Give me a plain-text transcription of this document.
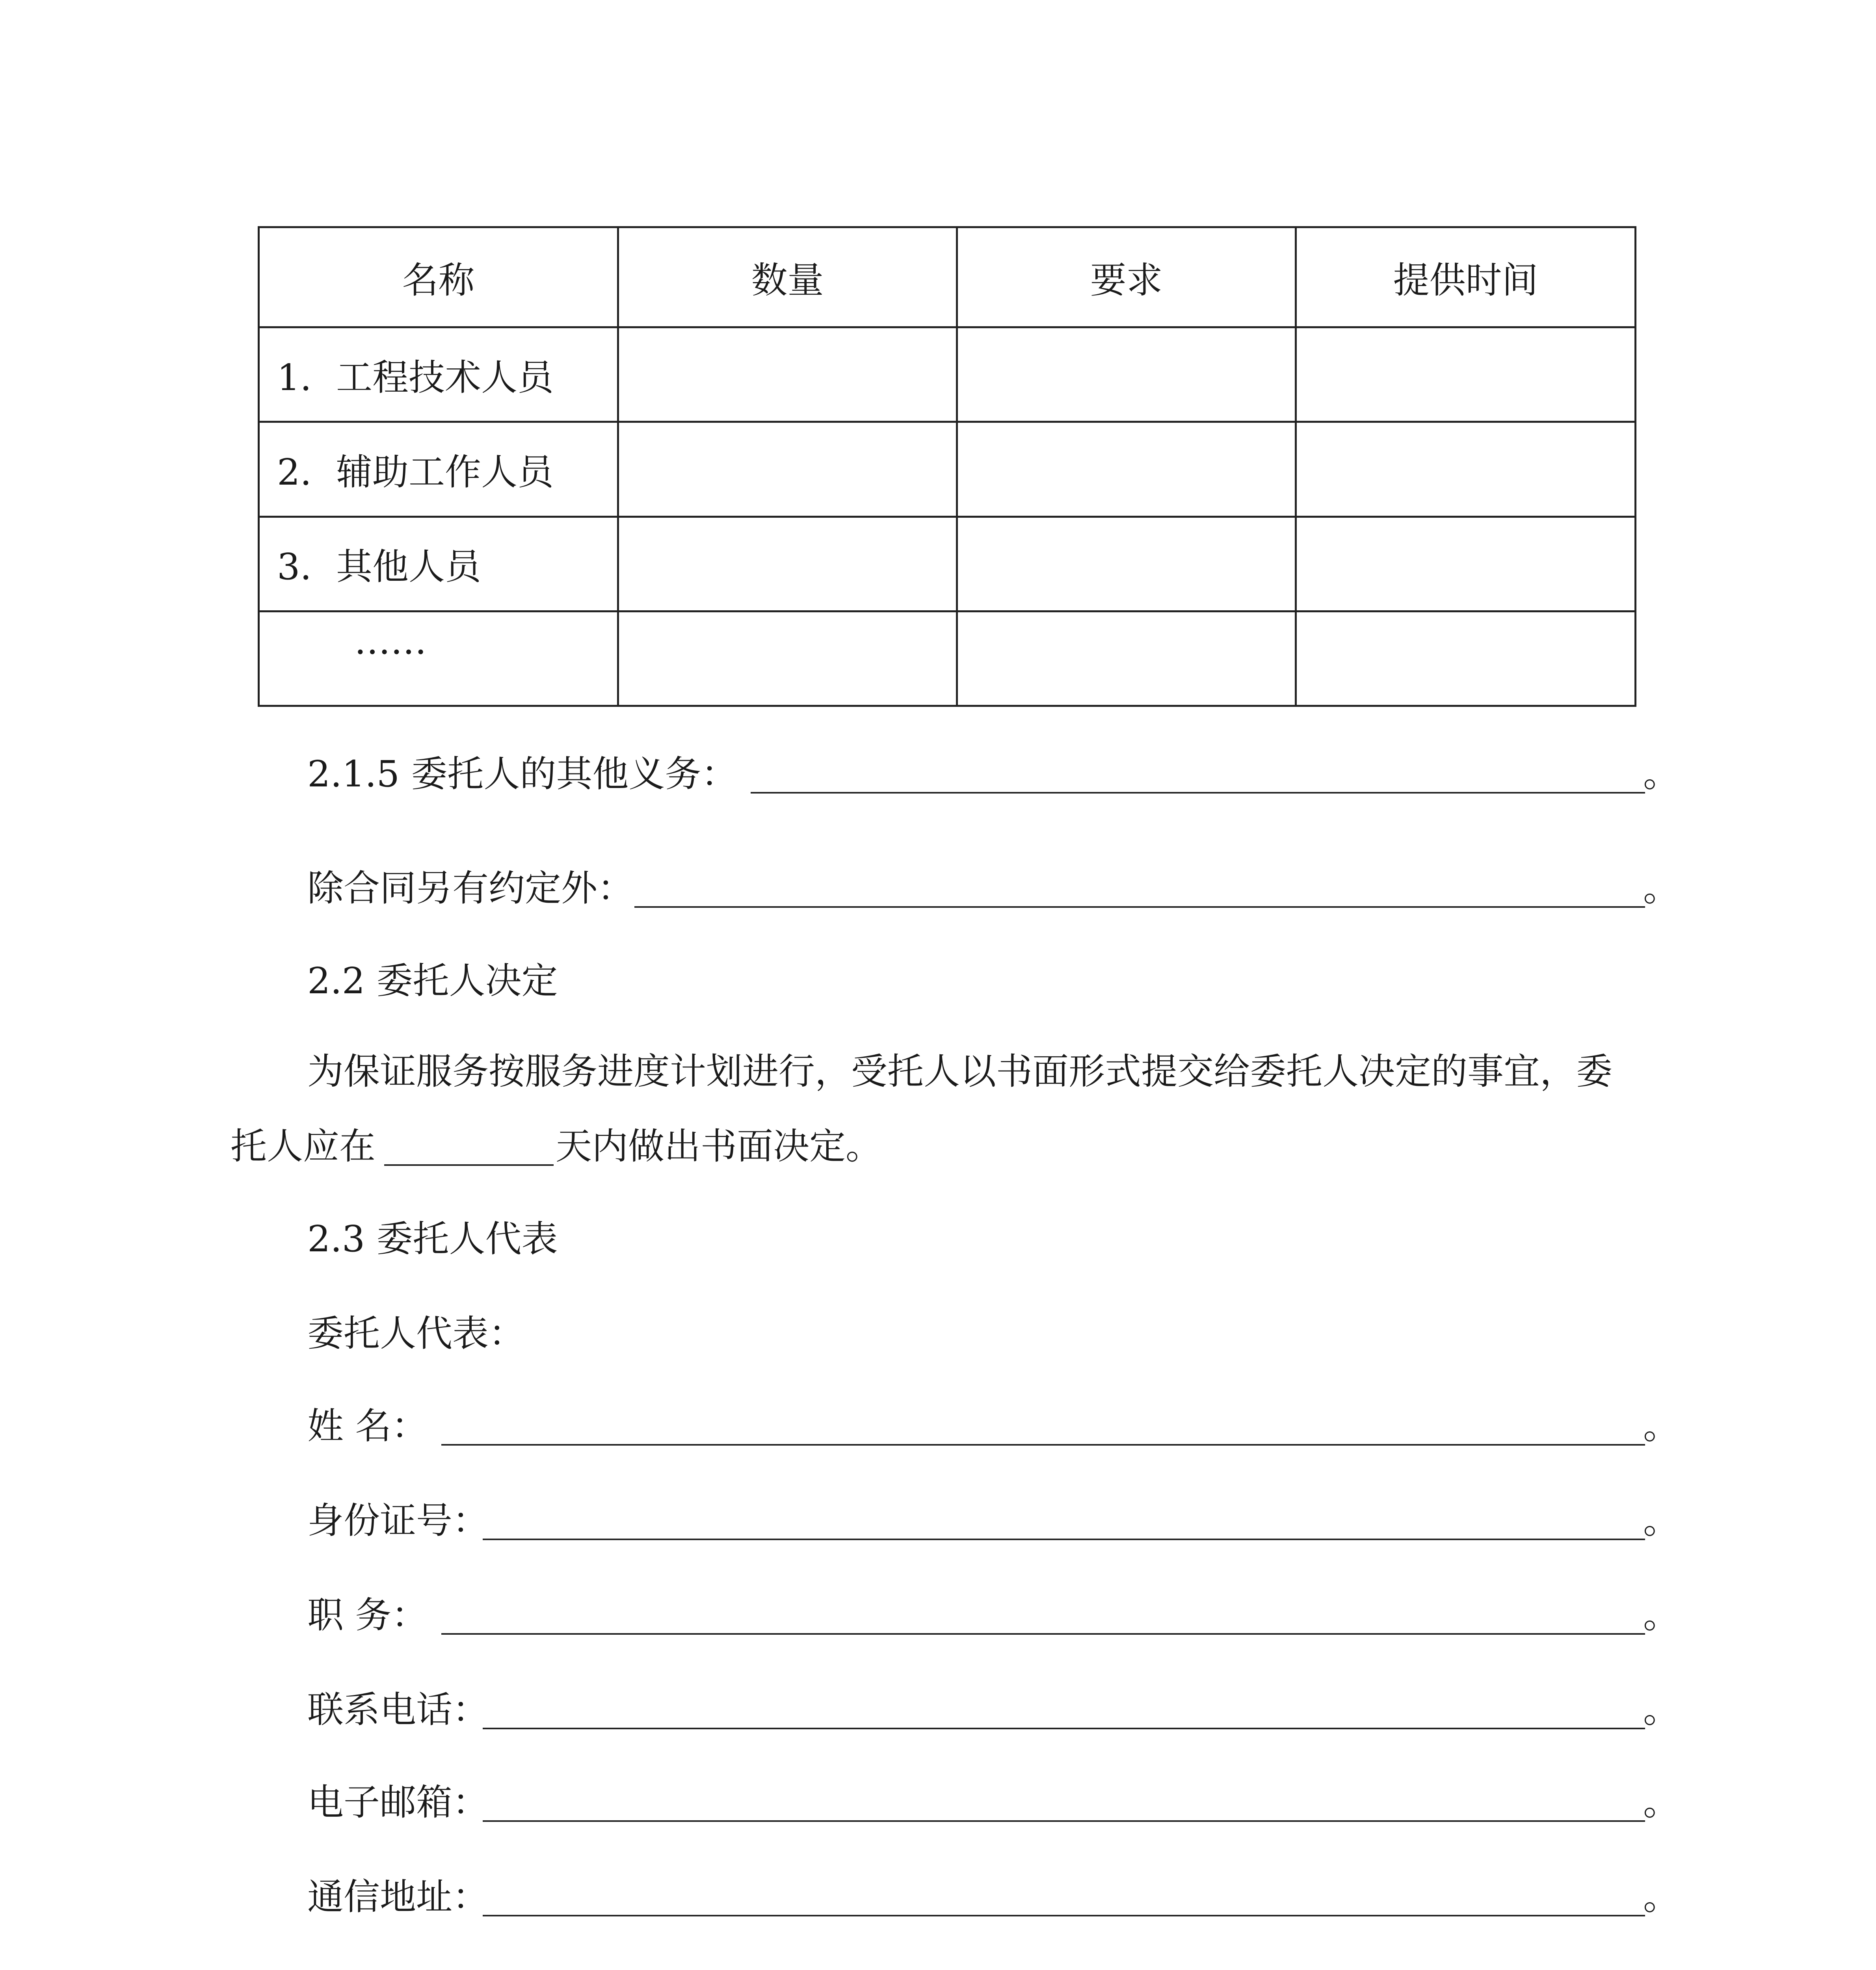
名称	数量	要求	提供时间
1. 工程技术人员			
2. 辅助工作人员			
3. 其他人员			
……			
2.1.5 委托人的其他义务：	。
除合同另有约定外：	。
2.2 委托人决定
为保证服务按服务进度计划进行，受托人以书面形式提交给委托人决定的事宜，委
托人应在	天内做出书面决定。
2.3 委托人代表
委托人代表：
姓 名：	。
身份证号：	。
职 务：	。
联系电话：	。
电子邮箱：	。
通信地址：	。
